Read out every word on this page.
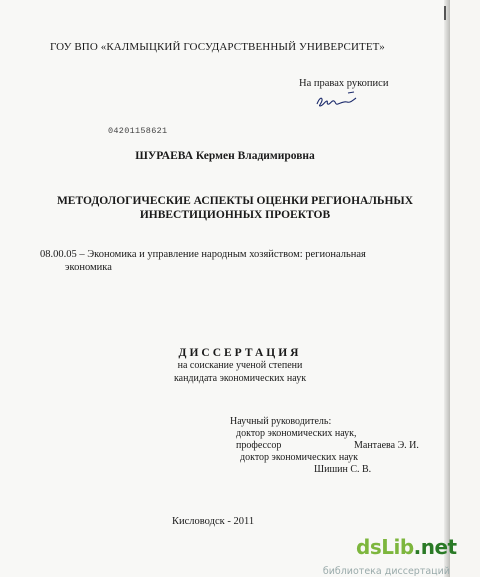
ГОУ ВПО «КАЛМЫЦКИЙ ГОСУДАРСТВЕННЫЙ УНИВЕРСИТЕТ»
На правах рукописи
04201158621
ШУРАЕВА Кермен Владимировна
МЕТОДОЛОГИЧЕСКИЕ АСПЕКТЫ ОЦЕНКИ РЕГИОНАЛЬНЫХ ИНВЕСТИЦИОННЫХ ПРОЕКТОВ
08.00.05 – Экономика и управление народным хозяйством: региональная
экономика
ДИССЕРТАЦИЯ
на соискание ученой степени
кандидата экономических наук
Научный руководитель:
доктор экономических наук,
профессор	Мантаева Э. И.
доктор экономических наук
Шишин С. В.
Кисловодск - 2011
dsLib.net
библиотека диссертаций
